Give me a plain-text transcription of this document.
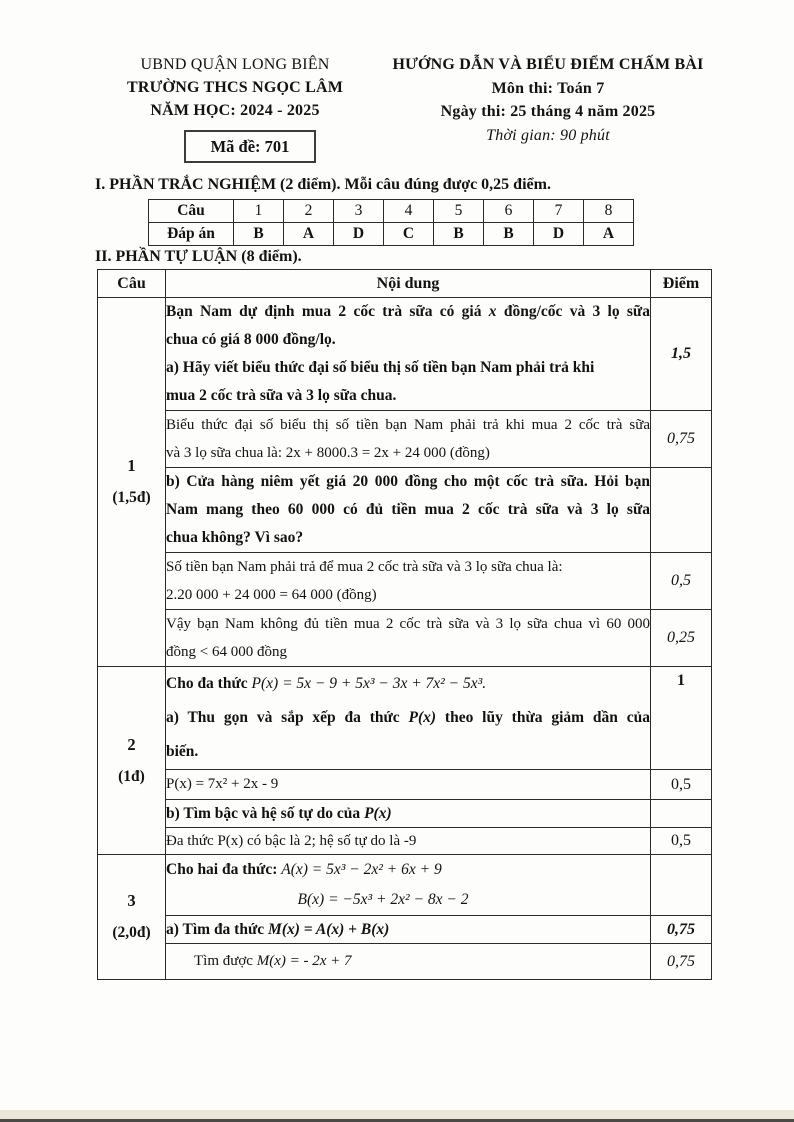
UBND QUẬN LONG BIÊN
TRƯỜNG THCS NGỌC LÂM
NĂM HỌC: 2024 - 2025
Mã đề: 701
HƯỚNG DẪN VÀ BIỂU ĐIỂM CHẤM BÀI
Môn thi: Toán 7
Ngày thi: 25 tháng 4 năm 2025
Thời gian: 90 phút
I. PHẦN TRẮC NGHIỆM (2 điểm). Mỗi câu đúng được 0,25 điểm.
Câu	1	2	3	4	5	6	7	8
Đáp án	B	A	D	C	B	B	D	A
II. PHẦN TỰ LUẬN (8 điểm).
Câu	Nội dung	Điểm

1
(1,5đ)

Bạn Nam dự định mua 2 cốc trà sữa có giá x đồng/cốc và 3 lọ sữa
chua có giá 8 000 đồng/lọ.
a) Hãy viết biểu thức đại số biểu thị số tiền bạn Nam phải trả khi
mua 2 cốc trà sữa và 3 lọ sữa chua.
	1,5

	Biểu thức đại số biểu thị số tiền bạn Nam phải trả khi mua 2 cốc trà sữa
và 3 lọ sữa chua là: 2x + 8000.3 = 2x + 24 000 (đồng)	0,75

	b) Cửa hàng niêm yết giá 20 000 đồng cho một cốc trà sữa. Hỏi bạn
Nam mang theo 60 000 có đủ tiền mua 2 cốc trà sữa và 3 lọ sữa
chua không? Vì sao?	

	Số tiền bạn Nam phải trả để mua 2 cốc trà sữa và 3 lọ sữa chua là:
2.20 000 + 24 000 = 64 000 (đồng)	0,5

	Vậy bạn Nam không đủ tiền mua 2 cốc trà sữa và 3 lọ sữa chua vì 60 000
đồng < 64 000 đồng	0,25

2
(1đ)

Cho đa thức P(x) = 5x − 9 + 5x³ − 3x + 7x² − 5x³.
a) Thu gọn và sắp xếp đa thức P(x) theo lũy thừa giảm dần của
biến.
	1

	P(x) = 7x² + 2x - 9	0,5

	b) Tìm bậc và hệ số tự do của P(x)	

	Đa thức P(x) có bậc là 2; hệ số tự do là -9	0,5

3
(2,0đ)

Cho hai đa thức: A(x) = 5x³ − 2x² + 6x + 9
B(x) = −5x³ + 2x² − 8x − 2

	a) Tìm đa thức M(x) = A(x) + B(x)	0,75

	Tìm được M(x) = - 2x + 7	0,75
